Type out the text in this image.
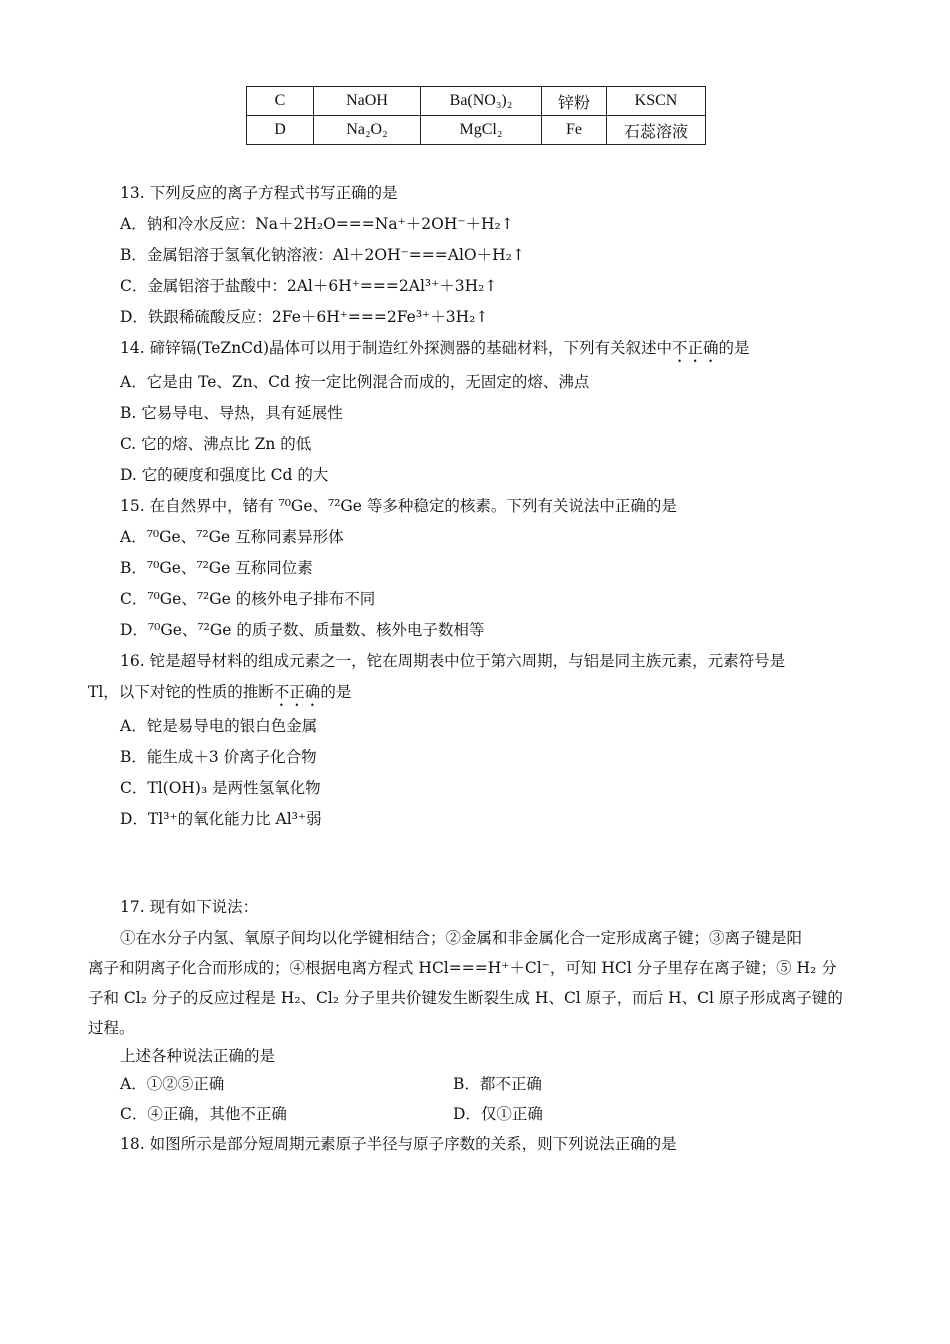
C	NaOH	Ba(NO₃)₂	锌粉	KSCN
D	Na₂O₂	MgCl₂	Fe	石蕊溶液
13. 下列反应的离子方程式书写正确的是
A．钠和冷水反应：Na＋2H₂O===Na⁺＋2OH⁻＋H₂↑
B．金属铝溶于氢氧化钠溶液：Al＋2OH⁻===AlO＋H₂↑
C．金属铝溶于盐酸中：2Al＋6H⁺===2Al³⁺＋3H₂↑
D．铁跟稀硫酸反应：2Fe＋6H⁺===2Fe³⁺＋3H₂↑
14. 碲锌镉(TeZnCd)晶体可以用于制造红外探测器的基础材料，下列有关叙述中不正确的是
A．它是由 Te、Zn、Cd 按一定比例混合而成的，无固定的熔、沸点
B. 它易导电、导热，具有延展性
C. 它的熔、沸点比 Zn 的低
D. 它的硬度和强度比 Cd 的大
15. 在自然界中，锗有 ⁷⁰Ge、⁷²Ge 等多种稳定的核素。下列有关说法中正确的是
A．⁷⁰Ge、⁷²Ge 互称同素异形体
B．⁷⁰Ge、⁷²Ge 互称同位素
C．⁷⁰Ge、⁷²Ge 的核外电子排布不同
D．⁷⁰Ge、⁷²Ge 的质子数、质量数、核外电子数相等
16. 铊是超导材料的组成元素之一，铊在周期表中位于第六周期，与铝是同主族元素，元素符号是
Tl，以下对铊的性质的推断不正确的是
A．铊是易导电的银白色金属
B．能生成＋3 价离子化合物
C．Tl(OH)₃ 是两性氢氧化物
D．Tl³⁺的氧化能力比 Al³⁺弱
17. 现有如下说法：
①在水分子内氢、氧原子间均以化学键相结合；②金属和非金属化合一定形成离子键；③离子键是阳
离子和阴离子化合而形成的；④根据电离方程式 HCl===H⁺＋Cl⁻，可知 HCl 分子里存在离子键；⑤ H₂ 分
子和 Cl₂ 分子的反应过程是 H₂、Cl₂ 分子里共价键发生断裂生成 H、Cl 原子，而后 H、Cl 原子形成离子键的
过程。
上述各种说法正确的是
A．①②⑤正确	B．都不正确
C．④正确，其他不正确	D．仅①正确
18. 如图所示是部分短周期元素原子半径与原子序数的关系，则下列说法正确的是
